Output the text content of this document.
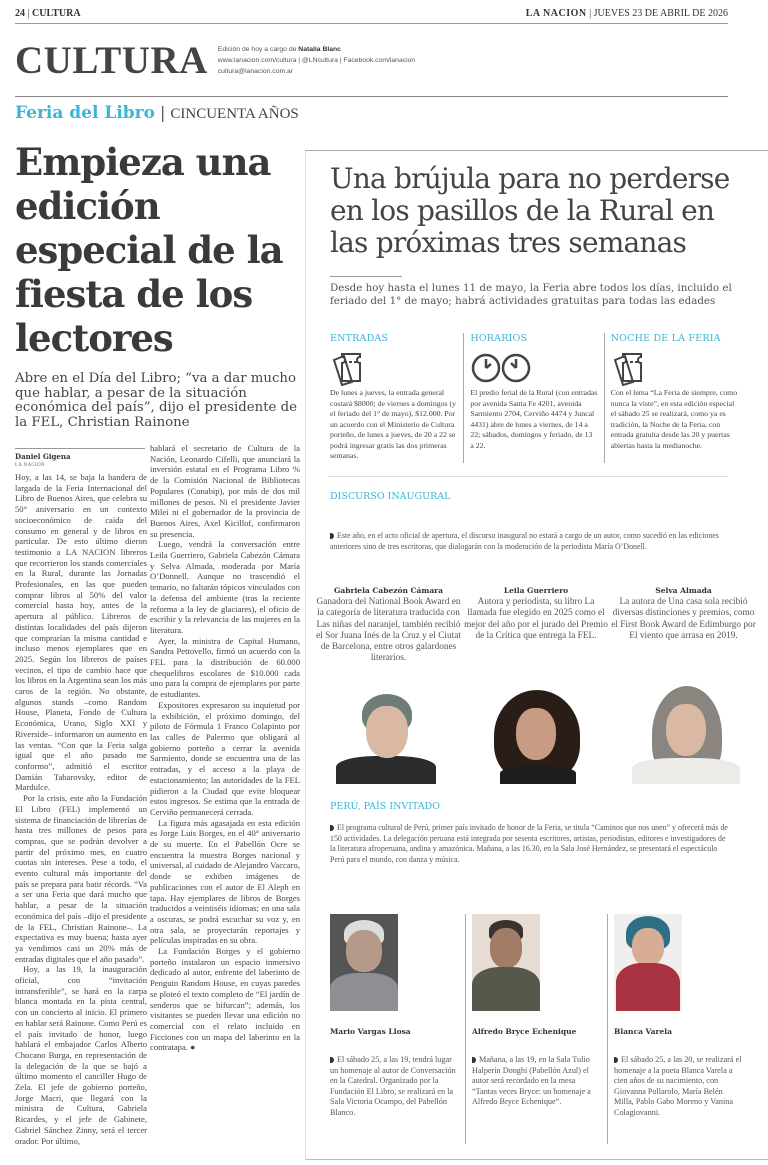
24 | CULTURA	LA NACION | JUEVES 23 DE ABRIL DE 2026
CULTURA Edición de hoy a cargo de Natalia Blanc
www.lanacion.com/cultura | @LNcultura | Facebook.com/lanacion
cultura@lanacion.com.ar
Feria del Libro | CINCUENTA AÑOS
Empieza una edición especial de la fiesta de los lectores
Abre en el Día del Libro; “va a dar mucho que hablar, a pesar de la situación económica del país”, dijo el presidente de la FEL, Christian Rainone
Daniel Gigena
LA NACION

Hoy, a las 14, se baja la bandera de largada de la Feria Internacional del Libro de Buenos Aires, que celebra su 50° aniversario en un contexto socioeconómico de caída del consumo en general y de libros en particular. De esto último dieron testimonio a LA NACION libreros que recorrieron los stands comerciales en la Rural, durante las Jornadas Profesionales, en las que pueden comprar libros al 50% del valor comercial hasta hoy, antes de la apertura al público. Libreros de distintas localidades del país dijeron que comprarían la misma cantidad e incluso menos ejemplares que en 2025. Según los libreros de países vecinos, el tipo de cambio hace que los libros en la Argentina sean los más caros de la región. No obstante, algunos stands –como Random House, Planeta, Fondo de Cultura Económica, Urano, Siglo XXI y Riverside– informaron un aumento en las ventas. “Con que la Feria salga igual que el año pasado me conformo”, admitió el escritor Damián Tabarovsky, editor de Mardulce.

Por la crisis, este año la Fundación El Libro (FEL) implementó un sistema de financiación de librerías de hasta tres millones de pesos para compras, que se podrán devolver a partir del próximo mes, en cuatro cuotas sin intereses. Pese a todo, el evento cultural más importante del país se prepara para batir récords. “Va a ser una Feria que dará mucho que hablar, a pesar de la situación económica del país –dijo el presidente de la FEL, Christian Rainone–. La expectativa es muy buena; hasta ayer ya vendimos casi un 20% más de entradas digitales que el año pasado”.

Hoy, a las 19, la inauguración oficial, con “invitación intransferible”, se hará en la carpa blanca montada en la pista central, con un concierto al inicio. El primero en hablar será Rainone. Como Perú es el país invitado de honor, luego hablará el embajador Carlos Alberto Chocano Burga, en representación de la delegación de la que se bajó a último momento el canciller Hugo de Zela. El jefe de gobierno porteño, Jorge Macri, que llegará con la ministra de Cultura, Gabriela Ricardes, y el jefe de Gabinete, Gabriel Sánchez Zinny, será el tercer orador. Por último,

hablará el secretario de Cultura de la Nación, Leonardo Cifelli, que anunciará la inversión estatal en el Programa Libro % de la Comisión Nacional de Bibliotecas Populares (Conabip), por más de dos mil millones de pesos. Ni el presidente Javier Milei ni el gobernador de la provincia de Buenos Aires, Axel Kicillof, confirmaron su presencia.

Luego, vendrá la conversación entre Leila Guerriero, Gabriela Cabezón Cámara y Selva Almada, moderada por María O’Donnell. Aunque no trascendió el temario, no faltarán tópicos vinculados con la defensa del ambiente (tras la reciente reforma a la ley de glaciares), el oficio de escribir y la relevancia de las mujeres en la literatura.

Ayer, la ministra de Capital Humano, Sandra Pettovello, firmó un acuerdo con la FEL para la distribución de 60.000 chequelibros escolares de $10.000 cada uno para la compra de ejemplares por parte de estudiantes.

Expositores expresaron su inquietud por la exhibición, el próximo domingo, del piloto de Fórmula 1 Franco Colapinto por las calles de Palermo que obligará al gobierno porteño a cerrar la avenida Sarmiento, donde se encuentra una de las entradas, y el acceso a la playa de estacionamiento; las autoridades de la FEL pidieron a la Ciudad que evite bloquear estos ingresos. Se estima que la entrada de Cerviño permanecerá cerrada.

La figura más agasajada en esta edición es Jorge Luis Borges, en el 40° aniversario de su muerte. En el Pabellón Ocre se encuentra la muestra Borges nacional y universal, al cuidado de Alejandro Vaccaro, donde se exhiben imágenes de publicaciones con el autor de El Aleph en tapa. Hay ejemplares de libros de Borges traducidos a veintiséis idiomas; en una sala a oscuras, se podrá escuchar su voz y, en otra sala, se proyectarán reportajes y películas inspiradas en su obra.

La Fundación Borges y el gobierno porteño instalaron un espacio inmersivo dedicado al autor, enfrente del laberinto de Penguin Random House, en cuyas paredes se ploteó el texto completo de “El jardín de senderos que se bifurcan”; además, los visitantes se pueden llevar una edición no comercial con el relato incluido en Ficciones con un mapa del laberinto en la contratapa. ●

Una brújula para no perderse en los pasillos de la Rural en las próximas tres semanas
Desde hoy hasta el lunes 11 de mayo, la Feria abre todos los días, incluido el feriado del 1° de mayo; habrá actividades gratuitas para todas las edades
ENTRADAS
De lunes a jueves, la entrada general costará $8000; de viernes a domingos (y el feriado del 1° de mayo), $12.000. Por un acuerdo con el Ministerio de Cultura porteño, de lunes a jueves, de 20 a 22 se podrá ingresar gratis las dos primeras semanas.
HORARIOS
El predio ferial de la Rural (con entradas por avenida Santa Fe 4201, avenida Sarmiento 2704, Cerviño 4474 y Juncal 4431) abre de lunes a viernes, de 14 a 22; sábados, domingos y feriado, de 13 a 22.
NOCHE DE LA FERIA
Con el lema “La Feria de siempre, como nunca la viste”, en esta edición especial el sábado 25 se realizará, como ya es tradición, la Noche de la Feria, con entrada gratuita desde las 20 y puertas abiertas hasta la medianoche.
DISCURSO INAUGURAL
Este año, en el acto oficial de apertura, el discurso inaugural no estará a cargo de un autor, como sucedió en las ediciones anteriores sino de tres escritoras, que dialogarán con la moderación de la periodista María O’Donell.
Gabriela Cabezón Cámara
Ganadora del National Book Award en la categoría de literatura traducida con Las niñas del naranjel, también recibió el Sor Juana Inés de la Cruz y el Ciutat de Barcelona, entre otros galardones literarios.
Leila Guerriero
Autora y periodista, su libro La llamada fue elegido en 2025 como el mejor del año por el jurado del Premio de la Crítica que entrega la FEL.
Selva Almada
La autora de Una casa sola recibió diversas distinciones y premios, como el First Book Award de Edimburgo por El viento que arrasa en 2019.
PERÚ, PAÍS INVITADO
El programa cultural de Perú, primer país invitado de honor de la Feria, se titula “Caminos que nos unen” y ofrecerá más de 150 actividades. La delegación peruana está integrada por sesenta escritores, artistas, periodistas, editores e investigadores de la literatura afroperuana, andina y amazónica. Mañana, a las 16.30, en la Sala José Hernández, se presentará el espectáculo Perú para el mundo, con danza y música.
Mario Vargas Llosa
El sábado 25, a las 19, tendrá lugar un homenaje al autor de Conversación en la Catedral. Organizado por la Fundación El Libro, se realizará en la Sala Victoria Ocampo, del Pabellón Blanco.
Alfredo Bryce Echenique
Mañana, a las 19, en la Sala Tulio Halperín Donghi (Pabellón Azul) el autor será recordado en la mesa “Tantas veces Bryce: un homenaje a Alfredo Bryce Echenique”.
Blanca Varela
El sábado 25, a las 20, se realizará el homenaje a la poeta Blanca Varela a cien años de su nacimiento, con Giovanna Pollarolo, María Belén Milla, Pablo Gabo Moreno y Vanina Colagiovanni.
